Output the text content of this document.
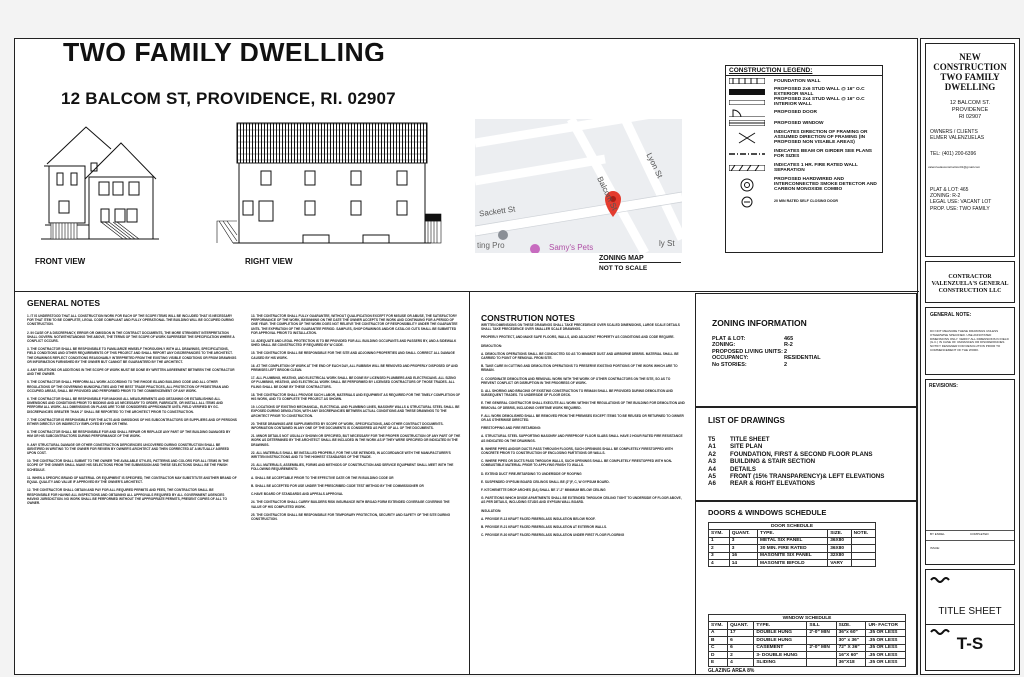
TWO FAMILY DWELLING
12 BALCOM ST, PROVIDENCE, RI. 02907
FRONT VIEW	RIGHT VIEW
Sackett St	Balcom St
Lyon St
ly St
ting Pro	Samy's Pets
ZONING MAP
NOT TO SCALE
CONSTRUCTION LEGEND:
FOUNDATION WALL
PROPOSED 2x6 STUD WALL @ 16" O.C EXTERIOR WALL
PROPOSED 2x4 STUD WALL @ 16" O.C INTERIOR WALL
PROPOSED DOOR
PROPOSED WINDOW
INDICATES DIRECTION OF FRAMING OR ASSUMED DIRECTION OF FRAMING (IN PROPOSED NON VISABLE AREAS)
INDICATES BEAM OR GIRDER SEE PLANS FOR SIZES
INDICATES 1 HR. FIRE RATED WALL SEPARATION
PROPOSED HARDWIRED AND INTERCONNECTED SMOKE DETECTOR AND CARBON MONOXIDE COMBO
20 MIN RATED SELF CLOSING DOOR
GENERAL NOTES
1. IT IS UNDERSTOOD THAT ALL CONSTRUCTION WORK FOR EACH OF THE SCOPE ITEMS WILL BE INCLUDED THAT IS NECESSARY FOR THAT ITEM TO BE COMPLETE, LEGAL CODE COMPLIANT AND FULLY OPERATIONAL THE BUILDING WILL BE OCCUPIED DURING CONSTRUCTION.
2. IN CASE OF A DISCREPANCY, ERROR OR OMISSION IN THE CONTRACT DOCUMENTS, THE MORE STRINGENT INTERPRETATION SHALL GOVERN. NOTWITHSTANDING THE ABOVE, THE TERMS OF THE SCOPE OF WORK SUPERSEDE THE SPECIFICATION WHERE A CONFLICT OCCURS.
3. THE CONTRACTOR SHALL BE RESPONSIBLE TO FAMILIARIZE HIMSELF THOROUGHLY WITH ALL DRAWINGS, SPECIFICATIONS, FIELD CONDITIONS AND OTHER REQUIREMENTS OF THIS PROJECT AND SHALL REPORT ANY DISCREPANCIES TO THE ARCHITECT. THE DRAWINGS REFLECT CONDITIONS REASONABLY INTERPRETED FROM THE EXISTING VISIBLE CONDITIONS OR FROM DRAWINGS OR INFORMATION FURNISHED BY THE OWNER BUT CANNOT BE GUARANTEED BY THE ARCHITECT.
4. ANY DELETIONS OR ADDITIONS IN THE SCOPE OF WORK MUST BE DONE BY WRITTEN AGREEMENT BETWEEN THE CONTRACTOR AND THE OWNER.
5. THE CONTRACTOR SHALL PERFORM ALL WORK ACCORDING TO THE RHODE ISLAND BUILDING CODE AND ALL OTHER REGULATIONS OF THE GOVERNING MUNICIPALITIES AND THE BEST TRADE PRACTICES, ALL PROTECTION OF PEDESTRIAN AND OCCUPIED AREAS, SHALL BE PROVIDED AND PERFORMED PRIOR TO THE COMMENCEMENT OF ANY WORK.
6. THE CONTRACTOR SHALL BE RESPONSIBLE FOR MAKING ALL MEASUREMENTS AND OBTAINING OR ESTABLISHING ALL DIMENSIONS AND CONDITIONS PRIOR TO BIDDING AND AS NECESSARY TO ORDER, FABRICATE, OR INSTALL ALL ITEMS AND PERFORM ALL WORK. ALL DIMENSIONS ON PLANS ARE TO BE CONSIDERED APPROXIMATE UNTIL FIELD VERIFIED BY GC. DISCREPANCIES GREATER THAN 2" SHALL BE REPORTED TO THE ARCHITECT PRIOR TO CONSTRUCTION.
7. THE CONTRACTOR IS RESPONSIBLE FOR THE ACTS AND OMISSIONS OF HIS SUBCONTRACTORS OR SUPPLIERS AND OF PERSONS EITHER DIRECTLY OR INDIRECTLY EMPLOYED BY HIM OR THEM.
8. THE CONTRACTOR SHALL BE RESPONSIBLE FOR AND SHALL REPAIR OR REPLACE ANY PART OF THE BUILDING DAMAGED BY HIM OR HIS SUBCONTRACTORS DURING PERFORMANCE OF THE WORK.
9. ANY STRUCTURAL DAMAGE OR OTHER CONSTRUCTION DEFICIENCIES UNCOVERED DURING CONSTRUCTION SHALL BE IDENTIFIED IN WRITING TO THE OWNER FOR REVIEW BY OWNER'S ARCHITECT AND THEN CORRECTED AT A MUTUALLY AGREED UPON COST.
10. THE CONTRACTOR SHALL SUBMIT TO THE OWNER THE AVAILABLE STYLES, PATTERNS AND COLORS FOR ALL ITEMS IN THE SCOPE OF THE OWNER SHALL MAKE HIS SELECTIONS FROM THE SUBMISSION AND THESE SELECTIONS SHALL BE THE FINISH SCHEDULE.
11. WHEN A SPECIFIC BRAND OF MATERIAL OR EQUIPMENT IS SPECIFIED, THE CONTRACTOR MAY SUBSTITUTE ANOTHER BRAND OF EQUAL QUALITY AND VALUE IF APPROVED BY THE OWNER'S ARCHITECT.
12. THE CONTRACTOR SHALL OBTAIN AND PAY FOR ALL REQUIRED PERMITS AND FEES, THE CONTRACTOR SHALL BE RESPONSIBLE FOR HAVING ALL INSPECTIONS AND OBTAINING ALL APPROVALS REQUIRED BY ALL GOVERNMENT AGENCIES HAVING JURISDICTION. NO WORK SHALL BE PERFORMED WITHOUT THE APPROPRIATE PERMITS, PRESENT COPIES OF ALL TO OWNER.
13. THE CONTRACTOR SHALL FULLY GUARANTEE, WITHOUT QUALIFICATION EXCEPT FOR MISUSE OR ABUSE, THE SATISFACTORY PERFORMANCE OF THE WORK, BEGINNING ON THE DATE THE OWNER ACCEPTS THE WORK AND CONTINUING FOR A PERIOD OF ONE YEAR. THE COMPLETION OF THE WORK DOES NOT RELIEVE THE CONTRACTOR OF RESPONSIBILITY UNDER THE GUARANTEE UNTIL THE EXPIRATION OF THE GUARANTEE PERIOD. SAMPLES, SHOP DRAWINGS AND/OR CATALOG CUTS SHALL BE SUBMITTED FOR APPROVAL PRIOR TO INSTALLATION.
14. ADEQUATE AND LEGAL PROTECTION IS TO BE PROVIDED FOR ALL BUILDING OCCUPANTS AND PASSERS BY, AND A SIDEWALK SHED SHALL BE CONSTRUCTED IF REQUIRED BY W CODE.
15. THE CONTRACTOR SHALL BE RESPONSIBLE FOR THE SITE AND ADJOINING PROPERTIES AND SHALL CORRECT ALL DAMAGE CAUSED BY HIS WORK.
16. AT THE COMPLETION OF WORK AT THE END OF EACH DAY, ALL RUBBISH WILL BE REMOVED AND PROPERLY DISPOSED OF AND PREMISES LEFT BROOM CLEAN.
17. ALL PLUMBING, HEATING, AND ELECTRICAL WORK SHALL BE DONE BY LICENSED PLUMBERS AND ELECTRICIANS. ALL SIZING OF PLUMBING, HEATING, AND ELECTRICAL WORK SHALL BE PERFORMED BY LICENSED CONTRACTORS OF THOSE TRADES. ALL FILING SHALL BE DONE BY THESE CONTRACTORS.
18. THE CONTRACTOR SHALL PROVIDE SUCH LABOR, MATERIALS AND EQUIPMENT AS REQUIRED FOR THE TIMELY COMPLETION OF HIS WORK, AND TO COMPLETE THE PROJECT AS SHOWN.
19. LOCATIONS OF EXISTING MECHANICAL, ELECTRICAL AND PLUMBING LINES, MASONRY WALLS & STRUCTURAL STEEL SHALL BE EXPOSED DURING DEMOLITION, WITH ANY DISCREPANCIES BETWEEN ACTUAL CONDITIONS AND THESE DRAWINGS TO THE ARCHITECT PRIOR TO CONSTRUCTION.
20. THESE DRAWINGS ARE SUPPLEMENTED BY SCOPE OF WORK, SPECIFICATIONS, AND OTHER CONTRACT DOCUMENTS. INFORMATION CONTAINED IN ANY ONE OF THE DOCUMENTS IS CONSIDERED AS PART OF ALL OF THE DOCUMENTS.
21. MINOR DETAILS NOT USUALLY SHOWN OR SPECIFIED, BUT NECESSARY FOR THE PROPER CONSTRUCTION OF ANY PART OF THE WORK AS DETERMINED BY THE ARCHITECT SHALL BE INCLUDED IN THE WORK AS IF THEY WERE SPECIFIED OR INDICATED IN THE DRAWINGS.
22. ALL MATERIALS SHALL BE INSTALLED PROPERLY, FOR THE USE INTENDED, IN ACCORDANCE WITH THE MANUFACTURER'S WRITTEN INSTRUCTIONS AND TO THE HIGHEST STANDARDS OF THE TRADE.
23. ALL MATERIALS, ASSEMBLIES, FORMS AND METHODS OF CONSTRUCTION AND SERVICE EQUIPMENT SHALL MEET WITH THE FOLLOWING REQUIREMENTS:
A. SHALL BE ACCEPTABLE PRIOR TO THE EFFECTIVE DATE OR THE RI BUILDING CODE OR
B. SHALL BE ACCEPTED FOR USE UNDER THE PRESCRIBED CODE TEST METHOD BY THE COMMISSIONER OR
C.HAVE BOARD OF STANDARDS AND APPEALS APPROVAL
24. THE CONTRACTOR SHALL CARRY BUILDERS RISK INSURANCE WITH BROAD FORM EXTENDED COVERAGE COVERING THE VALUE OF HIS COMPLETED WORK.
25. THE CONTRACTOR SHALL BE RESPONSIBLE FOR TEMPORARY PROTECTION, SECURITY AND SAFETY OF THE SITE DURING CONSTRUCTION.
CONSTRUTION NOTES
WRITTEN DIMENSIONS ON THESE DRAWINGS SHALL TAKE PRECEDENCE OVER SCALED DIMENSIONS, LARGE SCALE DETAILS SHALL TAKE PRECEDENCE OVER SMALLER SCALE DRAWINGS.
PROPERLY PROTECT, AND MAKE SAFE FLOORS, WALLS, AND ADJACENT PROPERTY AS CONDITIONS AND CODE REQUIRE.
DEMOLITION:
A. DEMOLITION OPERATIONS SHALL BE CONDUCTED SO AS TO MINIMIZE DUST AND AIRBORNE DEBRIS. MATERIAL SHALL BE CARRIED TO POINT OF REMOVAL FROM SITE.
B. TAKE CARE IN CUTTING AND DEMOLITION OPERATIONS TO PRESERVE EXISTING PORTIONS OF THE WORK WHICH ARE TO REMAIN.
C. COORDINATE DEMOLITION AND REMOVAL WORK WITH THE WORK OF OTHER CONTRACTORS ON THE SITE, SO AS TO PREVENT CONFLICT OR DISRUPTION IN THE PROGRESS OF WORK.
D. ALL SHORING AND BRACING OF EXISTING CONSTRUCTION TO REMAIN SHALL BE PROVIDED DURING DEMOLITION AND SUBSEQUENT TRADES. TO UNDERSIDE OF FLOOR DECK.
E. THE GENERAL CONTRACTOR SHALL EXECUTE ALL WORK WITHIN THE REGULATIONS OF THE BUILDING FOR DEMOLITION AND REMOVAL OF DEBRIS, INCLUDING OVERTIME WORK REQUIRED.
F. ALL WORK DEMOLISHED SHALL BE REMOVED FROM THE PREMISES EXCEPT ITEMS TO BE REUSED OR RETURNED TO OWNER OR AS OTHERWISE DIRECTED.
FIRESTOPPING AND FIRE RETARDING:
A. STRUCTURAL STEEL SUPPORTING MASONRY AND FIREPROOF FLOOR SLABS SHALL HAVE 2 HOUR RATED FIRE RESISTANCE AS INDICATED ON THE DRAWINGS.
B. WHERE PIPES AND/OR DUCTS PASS THROUGH FLOORS, SUCH OPENINGS SHALL BE COMPLETELY FIRESTOPPED WITH CONCRETE PRIOR TO CONSTRUCTION OF ENCLOSING PARTITIONS OR WALLS.
C. WHERE PIPES OR DUCTS PASS THROUGH WALLS, SUCH OPENINGS SHALL BE COMPLETELY FIRESTOPPED WITH NON-COMBUSTIBLE MATERIAL PRIOR TO APPLYING FINISH TO WALLS.
D. EXTEND DUCT FIRE-RETARDING TO UNDERSIDE OF ROOFING
E. SUSPENDED GYPSUM BOARD CEILINGS SHALL BE (2")F, C, W GYPSUM BOARD.
F. KITCHENETTE DROP ARCHES (DA) SHALL BE 1"-2" MINIMUM BELOW CEILING
G. PARTITIONS WHICH DIVIDE APARTMENTS SHALL BE EXTENDED THROUGH CEILING TIGHT TO UNDERSIDE OF FLOOR ABOVE, AS PER DETAILS, INCLUDING STUDS AND GYPSUM WALL BOARD.
INSULATION:
A. PROVIDE R-13 KRAFT FACED FIBERGLASS INSULATION BELOW ROOF.
B. PROVIDE R-21 KRAFT FACED FIBERGLASS INSULATION AT EXTERIOR WALLS.
C. PROVIDE R-30 KRAFT FACED FIBERGLASS INSULATION UNDER FIRST FLOOR FLOORING
ZONING INFORMATION
PLAT & LOT:	465
ZONING:	R-2
PROPOSED LIVING UNITS: 2
OCCUPANCY:	RESIDENTIAL
No STORIES:	2
LIST OF DRAWINGS
T5	TITLE SHEET
A1	SITE PLAN
A2	FOUNDATION, FIRST & SECOND FLOOR PLANS
A3	BUILDING & STAIR SECTION
A4	DETAILS
A5	FRONT (15% TRANSPARENCY)& LEFT ELEVATIONS
A6	REAR & RIGHT ELEVATIONS
DOORS & WINDOWS SCHEDULE
DOOR SCHEDULE				
SYM.	QUANT.	TYPE.	SIZE.	NOTE.
1	3	METAL SIX PANEL	36X80	
2	3	30 MIN. FIRE RATED	36X80	
3	16	MASONITE SIX PANEL	32X80	
4	14	MASONITE BIFOLD	VARY	
WINDOW SCHEDULE					
SYM.	QUANT.	TYPE.	SILL	SIZE.	UR- FACTOR
A	17	DOUBLE HUNG	2'-0" MIN	36"x 60"	.35 OR LESS
B	6	DOUBLE HUNG		30" x 36"	.35 OR LESS
C	6	CASEMENT	2'-0" MIN	72" X 36"	.35 OR LESS
D	2	3- DOUBLE HUNG		16"X 60"	.35 OR LESS
E	4	SLIDING		36"X18	.35 OR LESS
GLAZING AREA 8%
NEW CONSTRUCTION TWO FAMILY DWELLING
12 BALCOM ST.
PROVIDENCE
RI 02907
OWNERS / CLIENTS
ELMER VALENZUELAS
TEL: (401) 200-6396
valenzuelasconstruction01@gmail.com
PLAT & LOT: 465
ZONING: R-2
LEGAL USE: VACANT LOT
PROP. USE: TWO FAMILY
CONTRACTOR VALENZUELA'S GENERAL CONSTRUCTION LLC
GENERAL NOTE:
DO NOT MEASURE THESE DRAWINGS UNLESS OTHERWISE SPECIFIED. USE ANNOTATED DIMENSIONS ONLY. VERIFY ALL DIMENSIONS IN FIELD (G.C.) IN CASE OF VARIANCES OR DISCREPANCIES NOTIFY DESIGNER FOR RESOLUTION PRIOR TO COMMENCEMENT OF THE WORK.
REVISIONS:
BY ENDEL	COMPLETED
ISSUE:
TITLE SHEET
T-S
